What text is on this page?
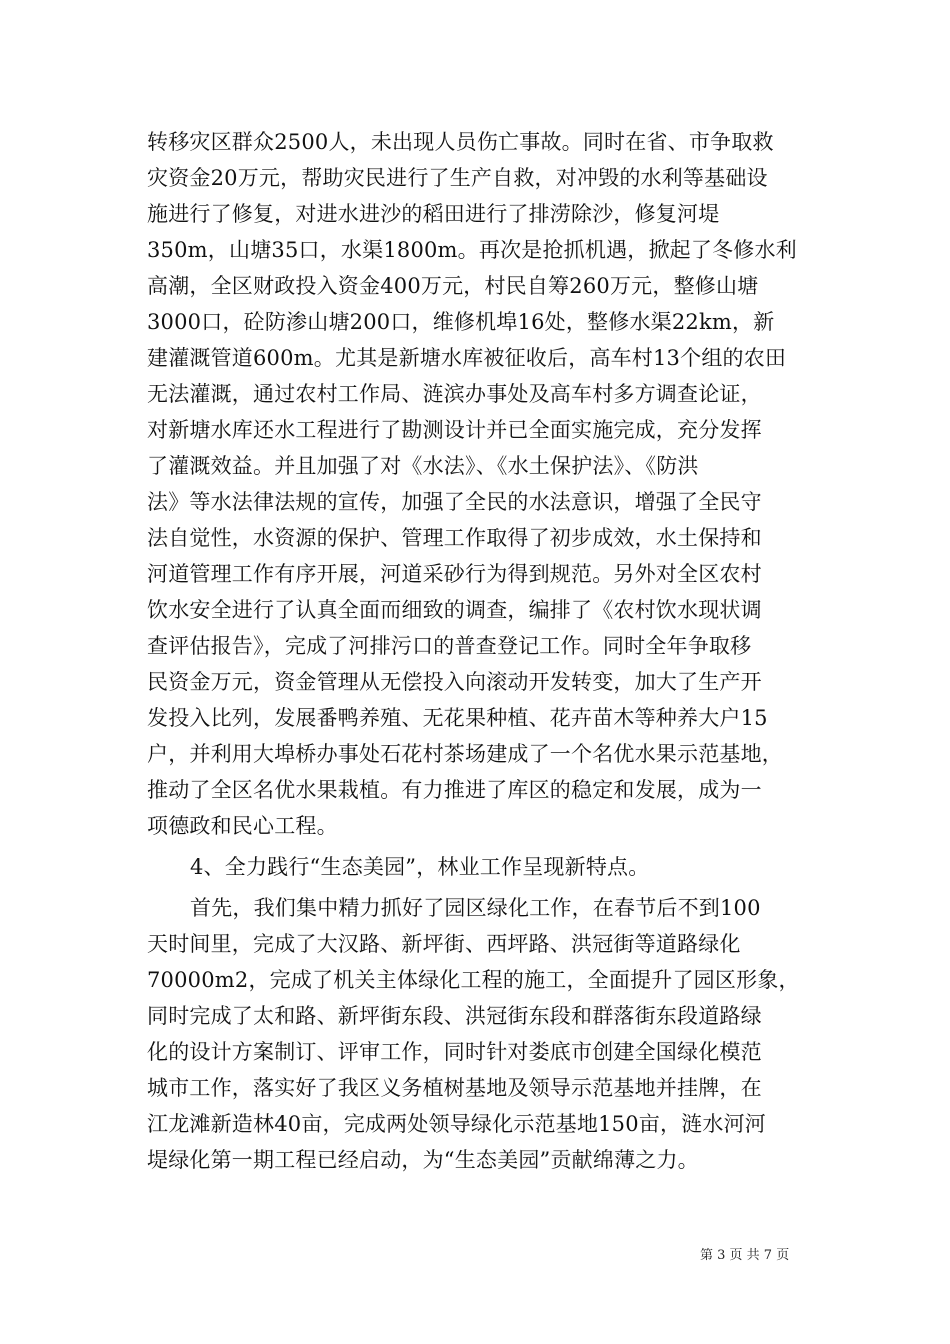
转移灾区群众2500人，未出现人员伤亡事故。同时在省、市争取救
灾资金20万元，帮助灾民进行了生产自救，对冲毁的水利等基础设
施进行了修复，对进水进沙的稻田进行了排涝除沙，修复河堤
350m，山塘35口，水渠1800m。再次是抢抓机遇，掀起了冬修水利
高潮，全区财政投入资金400万元，村民自筹260万元，整修山塘
3000口，砼防渗山塘200口，维修机埠16处，整修水渠22km，新
建灌溉管道600m。尤其是新塘水库被征收后，高车村13个组的农田
无法灌溉，通过农村工作局、涟滨办事处及高车村多方调查论证，
对新塘水库还水工程进行了勘测设计并已全面实施完成，充分发挥
了灌溉效益。并且加强了对《水法》、《水土保护法》、《防洪
法》等水法律法规的宣传，加强了全民的水法意识，增强了全民守
法自觉性，水资源的保护、管理工作取得了初步成效，水土保持和
河道管理工作有序开展，河道采砂行为得到规范。另外对全区农村
饮水安全进行了认真全面而细致的调查，编排了《农村饮水现状调
查评估报告》，完成了河排污口的普查登记工作。同时全年争取移
民资金万元，资金管理从无偿投入向滚动开发转变，加大了生产开
发投入比列，发展番鸭养殖、无花果种植、花卉苗木等种养大户15
户，并利用大埠桥办事处石花村茶场建成了一个名优水果示范基地，
推动了全区名优水果栽植。有力推进了库区的稳定和发展，成为一
项德政和民心工程。
4、全力践行“生态美园”，林业工作呈现新特点。
首先，我们集中精力抓好了园区绿化工作，在春节后不到100
天时间里，完成了大汉路、新坪街、西坪路、洪冠街等道路绿化
70000m2，完成了机关主体绿化工程的施工，全面提升了园区形象，
同时完成了太和路、新坪街东段、洪冠街东段和群落街东段道路绿
化的设计方案制订、评审工作，同时针对娄底市创建全国绿化模范
城市工作，落实好了我区义务植树基地及领导示范基地并挂牌，在
江龙滩新造林40亩，完成两处领导绿化示范基地150亩，涟水河河
堤绿化第一期工程已经启动，为“生态美园”贡献绵薄之力。
第 3 页 共 7 页
